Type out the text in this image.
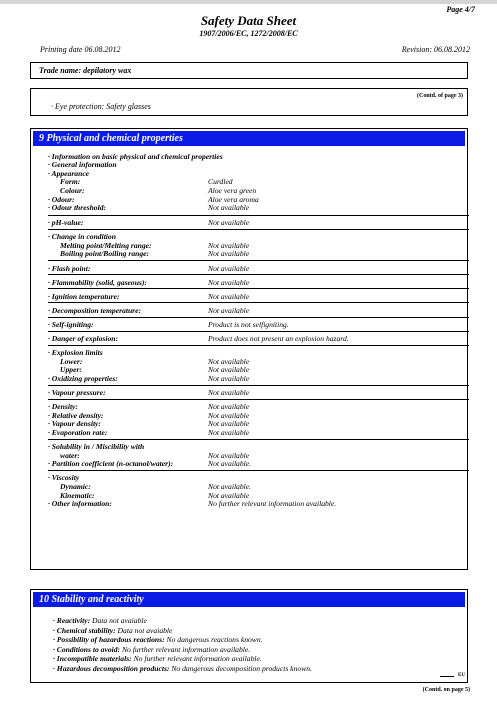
Page 4/7
Safety Data Sheet
1907/2006/EC, 1272/2008/EC
Printing date 06.08.2012	Revision: 06.08.2012
Trade name: depilatory wax
(Contd. of page 3)
· Eye protection: Safety glasses
9 Physical and chemical properties
· Information on basic physical and chemical properties
· General information
· Appearance
Form:	Curdled
Colour:	Aloe vera green
· Odour:	Aloe vera aroma
· Odour threshold:	Not available
· pH-value:	Not available
· Change in condition
Melting point/Melting range:	Not available
Boiling point/Boiling range:	Not available
· Flash point:	Not available
· Flammability (solid, gaseous):	Not available
· Ignition temperature:	Not available
· Decomposition temperature:	Not available
· Self-igniting:	Product is not selfigniting.
· Danger of explosion:	Product does not present an explosion hazard.
· Explosion limits
Lower:	Not available
Upper:	Not available
· Oxidizing properties:	Not available
· Vapour pressure:	Not available
· Density:	Not available
· Relative density:	Not available
· Vapour density:	Not available
· Evaporation rate:	Not available
· Solubility in / Miscibility with
water:	Not available
· Partition coefficient (n-octanol/water):	Not available.
· Viscosity
Dynamic:	Not available.
Kinematic:	Not available
· Other information:	No further relevant information available.
10 Stability and reactivity
· Reactivity: Data not avaiable
· Chemical stability: Data not avaiable
· Possibility of hazardous reactions: No dangerous reactions known.
· Conditions to avoid: No further relevant information available.
· Incompatible materials: No further relevant information available.
· Hazardous decomposition products: No dangerous decomposition products known.
EU
(Contd. on page 5)
